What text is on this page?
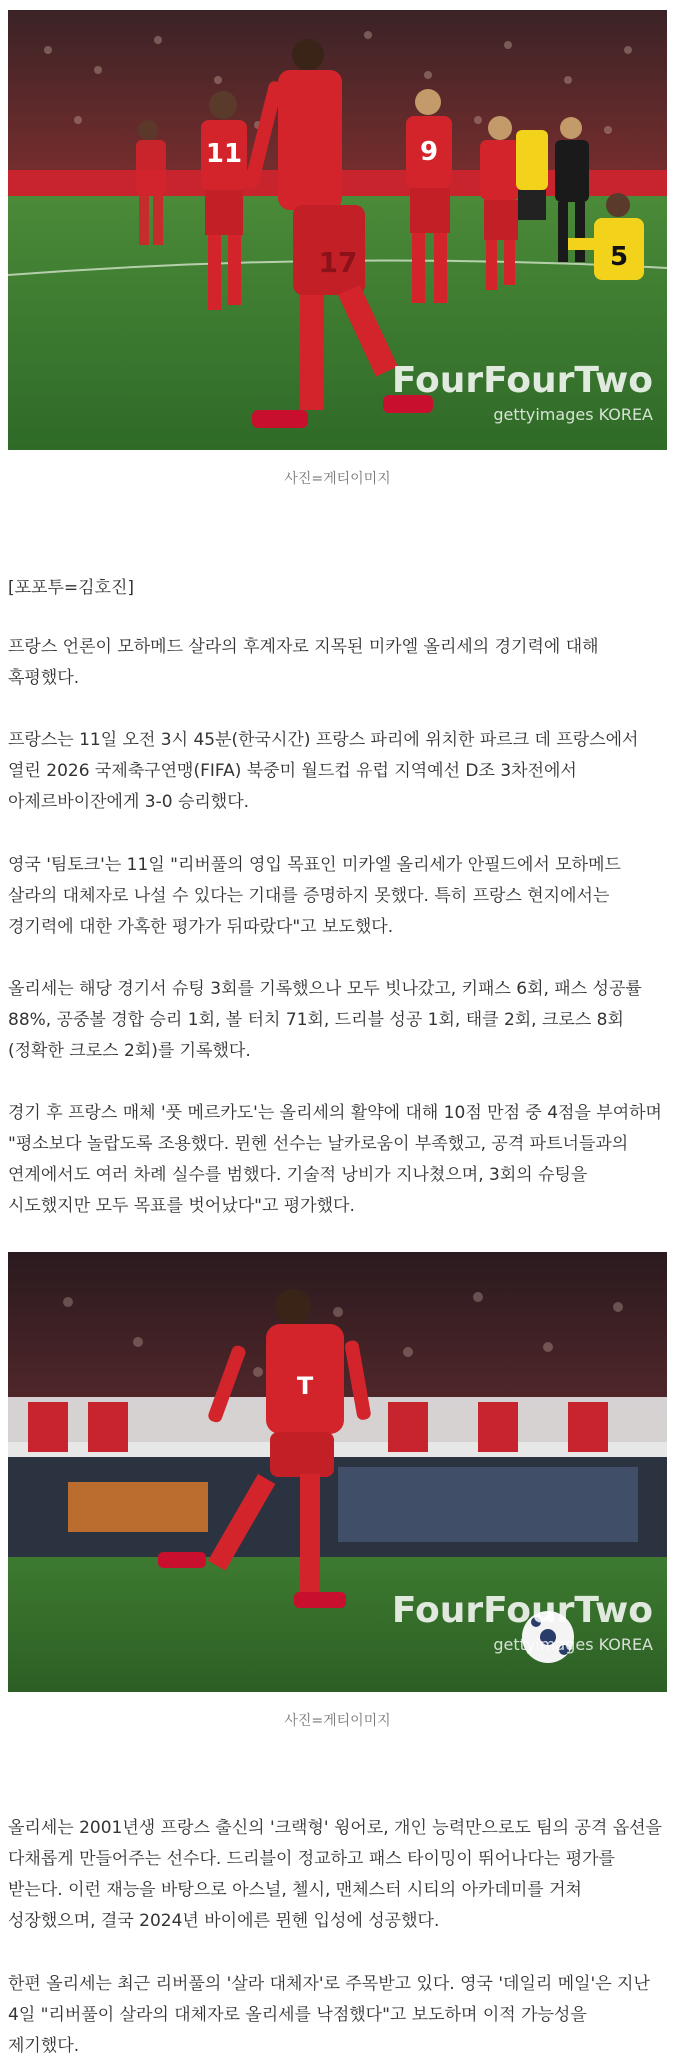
11	9
5
17
FourFourTwo
gettyimages KOREA
사진=게티이미지

[포포투=김호진]

프랑스 언론이 모하메드 살라의 후계자로 지목된 미카엘 올리세의 경기력에 대해 혹평했다.

프랑스는 11일 오전 3시 45분(한국시간) 프랑스 파리에 위치한 파르크 데 프랑스에서 열린 2026 국제축구연맹(FIFA) 북중미 월드컵 유럽 지역예선 D조 3차전에서 아제르바이잔에게 3-0 승리했다.

영국 '팀토크'는 11일 "리버풀의 영입 목표인 미카엘 올리세가 안필드에서 모하메드 살라의 대체자로 나설 수 있다는 기대를 증명하지 못했다. 특히 프랑스 현지에서는 경기력에 대한 가혹한 평가가 뒤따랐다"고 보도했다.

올리세는 해당 경기서 슈팅 3회를 기록했으나 모두 빗나갔고, 키패스 6회, 패스 성공률 88%, 공중볼 경합 승리 1회, 볼 터치 71회, 드리블 성공 1회, 태클 2회, 크로스 8회(정확한 크로스 2회)를 기록했다.

경기 후 프랑스 매체 '풋 메르카도'는 올리세의 활약에 대해 10점 만점 중 4점을 부여하며 "평소보다 놀랍도록 조용했다. 뮌헨 선수는 날카로움이 부족했고, 공격 파트너들과의 연계에서도 여러 차례 실수를 범했다. 기술적 낭비가 지나쳤으며, 3회의 슈팅을 시도했지만 모두 목표를 벗어났다"고 평가했다.

T
FourFourTwo
gettyimages KOREA
사진=게티이미지

올리세는 2001년생 프랑스 출신의 '크랙형' 윙어로, 개인 능력만으로도 팀의 공격 옵션을 다채롭게 만들어주는 선수다. 드리블이 정교하고 패스 타이밍이 뛰어나다는 평가를 받는다. 이런 재능을 바탕으로 아스널, 첼시, 맨체스터 시티의 아카데미를 거쳐 성장했으며, 결국 2024년 바이에른 뮌헨 입성에 성공했다.

한편 올리세는 최근 리버풀의 '살라 대체자'로 주목받고 있다. 영국 '데일리 메일'은 지난 4일 "리버풀이 살라의 대체자로 올리세를 낙점했다"고 보도하며 이적 가능성을 제기했다.
